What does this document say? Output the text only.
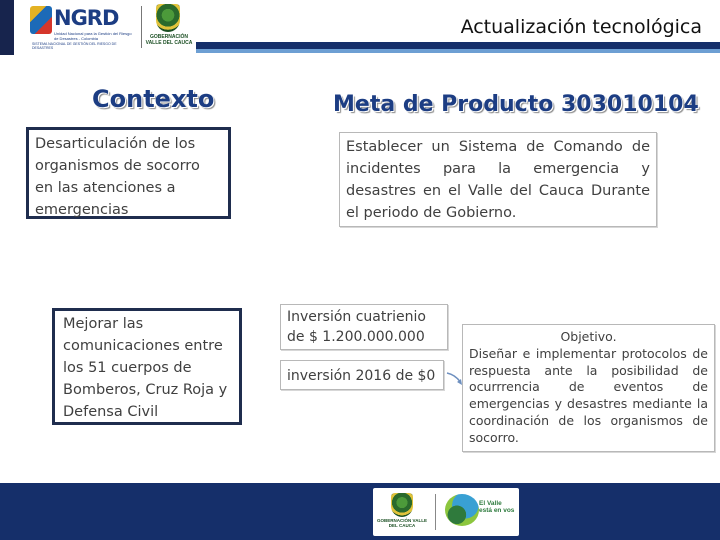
NGRD
Unidad Nacional para la Gestión del Riesgo de Desastres - Colombia
SISTEMA NACIONAL DE GESTIÓN DEL RIESGO DE DESASTRES
GOBERNACIÓN VALLE DEL CAUCA
Actualización tecnológica
Contexto	Meta de Producto 303010104
Desarticulación de los organismos de socorro en las atenciones a emergencias
Establecer un Sistema de Comando de incidentes para la emergencia y desastres en el Valle del Cauca Durante el periodo de Gobierno.
Mejorar las comunicaciones entre los 51 cuerpos de Bomberos, Cruz Roja y Defensa Civil
Inversión cuatrienio de $ 1.200.000.000
inversión 2016 de $0
Objetivo.
Diseñar e implementar protocolos de respuesta ante la posibilidad de ocurrrencia de eventos de emergencias y desastres mediante la coordinación de los organismos de socorro.
GOBERNACIÓN VALLE DEL CAUCA
El Valle está en vos
